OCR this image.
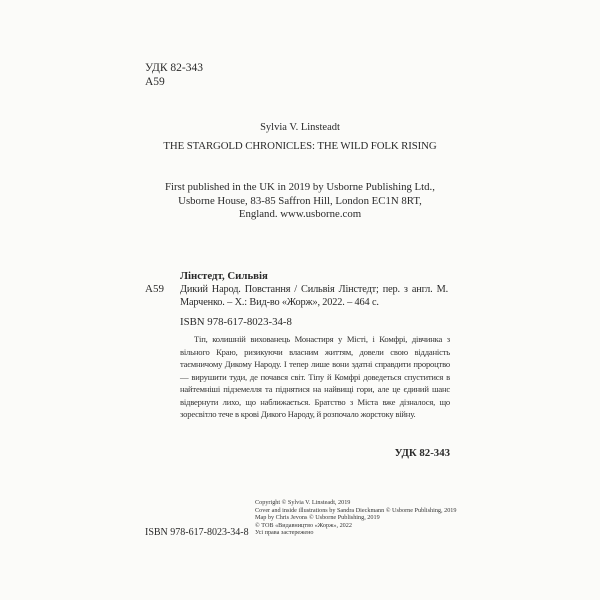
УДК 82-343
А59
Sylvia V. Linsteadt
THE STARGOLD CHRONICLES: THE WILD FOLK RISING
First published in the UK in 2019 by Usborne Publishing Ltd.,
Usborne House, 83-85 Saffron Hill, London EC1N 8RT,
England. www.usborne.com
А59
Лінстедт, Сильвія
Дикий Народ. Повстання / Сильвія Лінстедт; пер. з англ. М. Марченко. – Х.: Вид-во «Жорж», 2022. – 464 с.
ISBN 978-617-8023-34-8
Тіп, колишній вихованець Монастиря у Місті, і Комфрі, дівчинка з вільного Краю, ризикуючи власним життям, довели свою відданість таємничому Дикому Народу. І тепер лише вони здатні справдити пророцтво — вирушити туди, де почався світ. Тіпу й Комфрі доведеться спуститися в найтемніші підземелля та піднятися на найвищі гори, але це єдиний шанс відвернути лихо, що наближається. Братство з Міста вже дізналося, що зоресвітло тече в крові Дикого Народу, й розпочало жорстоку війну.
УДК 82-343
ISBN 978-617-8023-34-8
Copyright © Sylvia V. Linsteadt, 2019
Cover and inside illustrations by Sandra Dieckmann © Usborne Publishing, 2019
Map by Chris Jevons © Usborne Publishing, 2019
© ТОВ «Видавництво «Жорж», 2022
Усі права застережено
